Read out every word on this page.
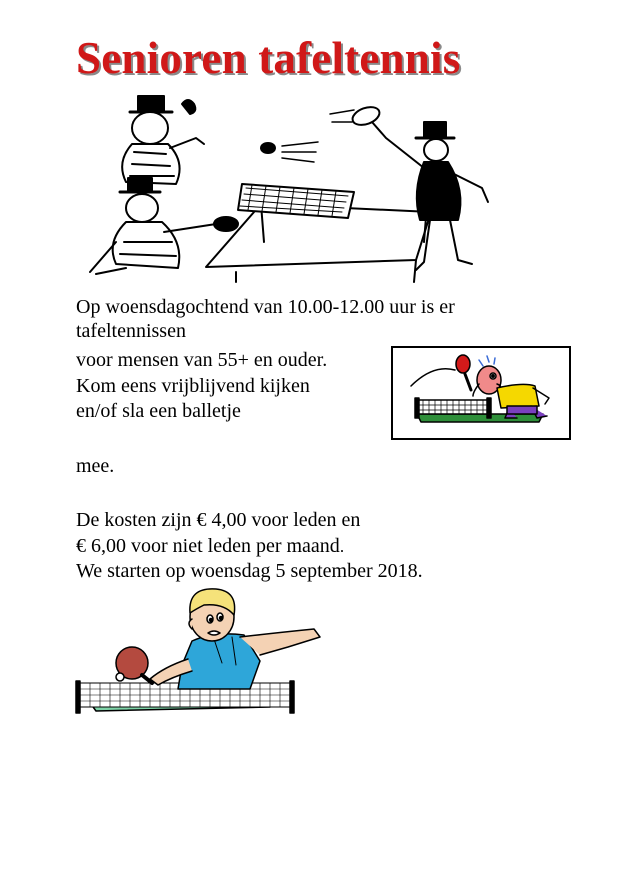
Senioren tafeltennis

Op woensdagochtend van 10.00-12.00 uur is er

tafeltennissen

voor mensen van 55+ en ouder.

Kom eens vrijblijvend kijken

en/of sla een balletje

mee.

De kosten zijn € 4,00 voor leden en

€ 6,00 voor niet leden per maand.

We starten op woensdag 5 september 2018.
